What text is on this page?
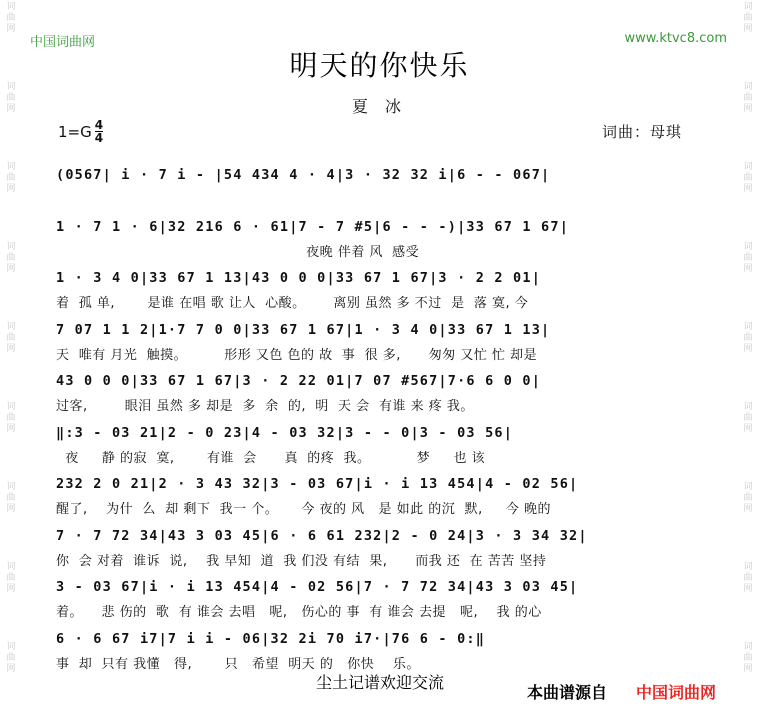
词曲网
词曲网
词曲网
词曲网
词曲网
词曲网
词曲网
词曲网
词曲网
词曲网
词曲网
词曲网
词曲网
词曲网
词曲网
词曲网
词曲网
词曲网
中国词曲网	www.ktvc8.com
明天的你快乐
夏 冰
$1=G \frac{4}{4}$	词曲：母琪
(0567| i · 7 i - |54 434 4 · 4|3 · 32 32 i|6 - - 067|
1 · 7 1 · 6|32 216 6 · 61|7 - 7 #5|6 - - -)|33 67 1 67|
夜晚 伴着 风  感受
1 · 3 4 0|33 67 1 13|43 0 0 0|33 67 1 67|3 · 2 2 01|
着  孤 单,       是谁 在唱 歌 让人  心酸。      离别 虽然 多 不过  是  落 寞, 今
7 07 1 1 2|1·7 7 0 0|33 67 1 67|1 · 3 4 0|33 67 1 13|
天  唯有 月光  触摸。        形形 又色 色的 故  事  很 多,      匆匆 又忙 忙 却是
43 0 0 0|33 67 1 67|3 · 2 22 01|7 07 #567|7·6 6 0 0|
过客,        眼泪 虽然 多 却是  多  余  的,  明  天 会  有谁 来 疼 我。
‖:3 - 03 21|2 - 0 23|4 - 03 32|3 - - 0|3 - 03 56|
夜     静 的寂  寞,       有谁  会      真  的疼  我。          梦     也 该
232 2 0 21|2 · 3 43 32|3 - 03 67|i · i 13 454|4 - 02 56|
醒了,    为什  么  却 剩下  我一 个。     今 夜的 风   是 如此 的沉  默,     今 晚的
7 · 7 72 34|43 3 03 45|6 · 6 61 232|2 - 0 24|3 · 3 34 32|
你  会 对着  谁诉  说,    我 早知  道  我 们没 有结  果,      而我 还  在 苦苦 坚持
3 - 03 67|i · i 13 454|4 - 02 56|7 · 7 72 34|43 3 03 45|
着。    悲 伤的  歌  有 谁会 去唱   呢,   伤心的 事  有 谁会 去提   呢,    我 的心
6 · 6 67 i7|7 i i - 06|32 2i 70 i7·|76 6 - 0:‖
事  却  只有 我懂   得,       只   希望  明天 的   你快    乐。
尘土记谱欢迎交流
本曲谱源自 中国词曲网
